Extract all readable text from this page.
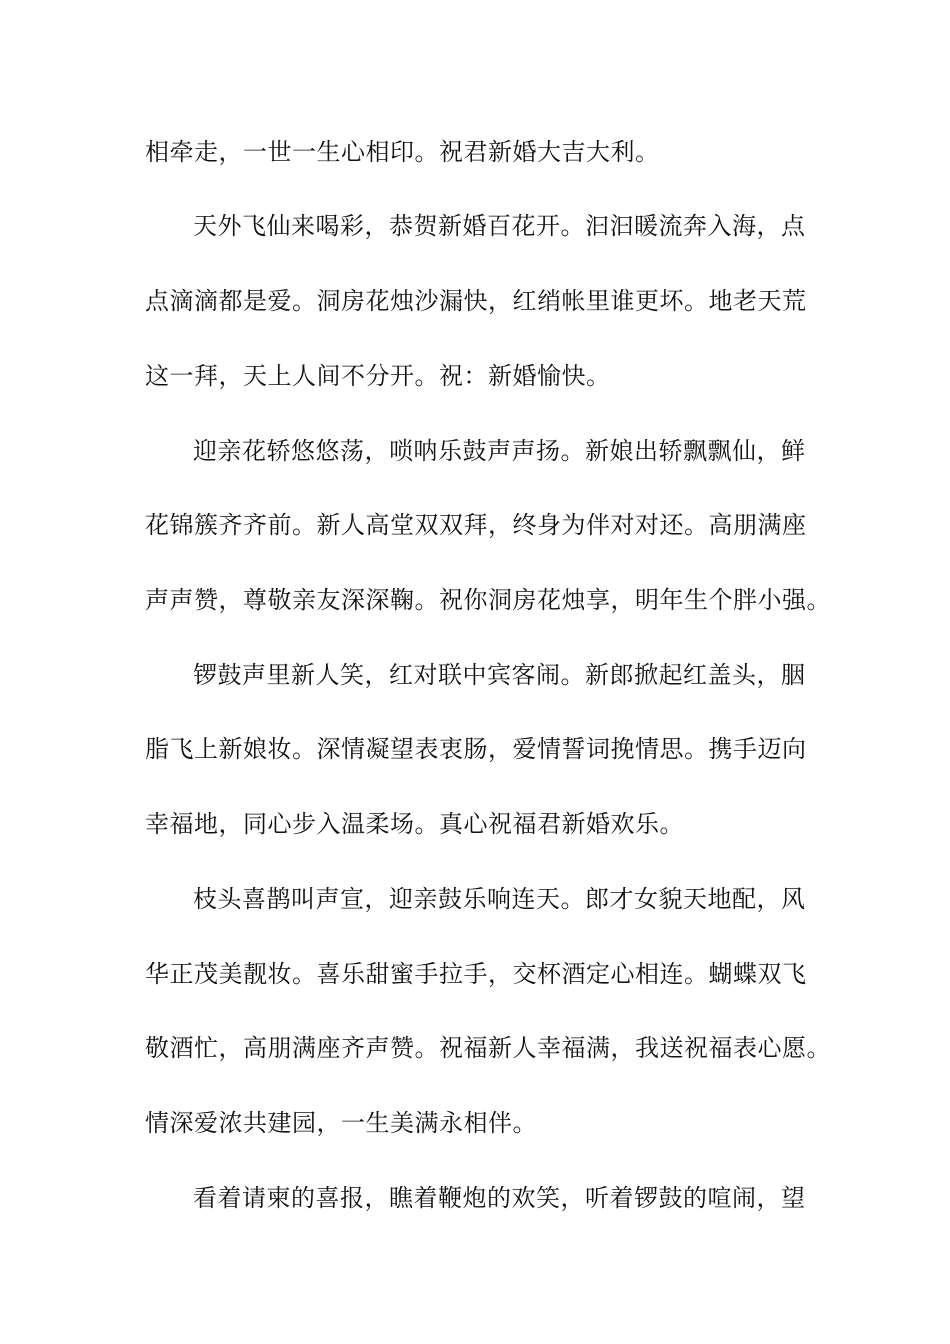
相牵走，一世一生心相印。祝君新婚大吉大利。
天外飞仙来喝彩，恭贺新婚百花开。汩汩暖流奔入海，点
点滴滴都是爱。洞房花烛沙漏快，红绡帐里谁更坏。地老天荒
这一拜，天上人间不分开。祝：新婚愉快。
迎亲花轿悠悠荡，唢呐乐鼓声声扬。新娘出轿飘飘仙，鲜
花锦簇齐齐前。新人高堂双双拜，终身为伴对对还。高朋满座
声声赞，尊敬亲友深深鞠。祝你洞房花烛享，明年生个胖小强。
锣鼓声里新人笑，红对联中宾客闹。新郎掀起红盖头，胭
脂飞上新娘妆。深情凝望表衷肠，爱情誓词挽情思。携手迈向
幸福地，同心步入温柔场。真心祝福君新婚欢乐。
枝头喜鹊叫声宣，迎亲鼓乐响连天。郎才女貌天地配，风
华正茂美靓妆。喜乐甜蜜手拉手，交杯酒定心相连。蝴蝶双飞
敬酒忙，高朋满座齐声赞。祝福新人幸福满，我送祝福表心愿。
情深爱浓共建园，一生美满永相伴。
看着请柬的喜报，瞧着鞭炮的欢笑，听着锣鼓的喧闹，望
